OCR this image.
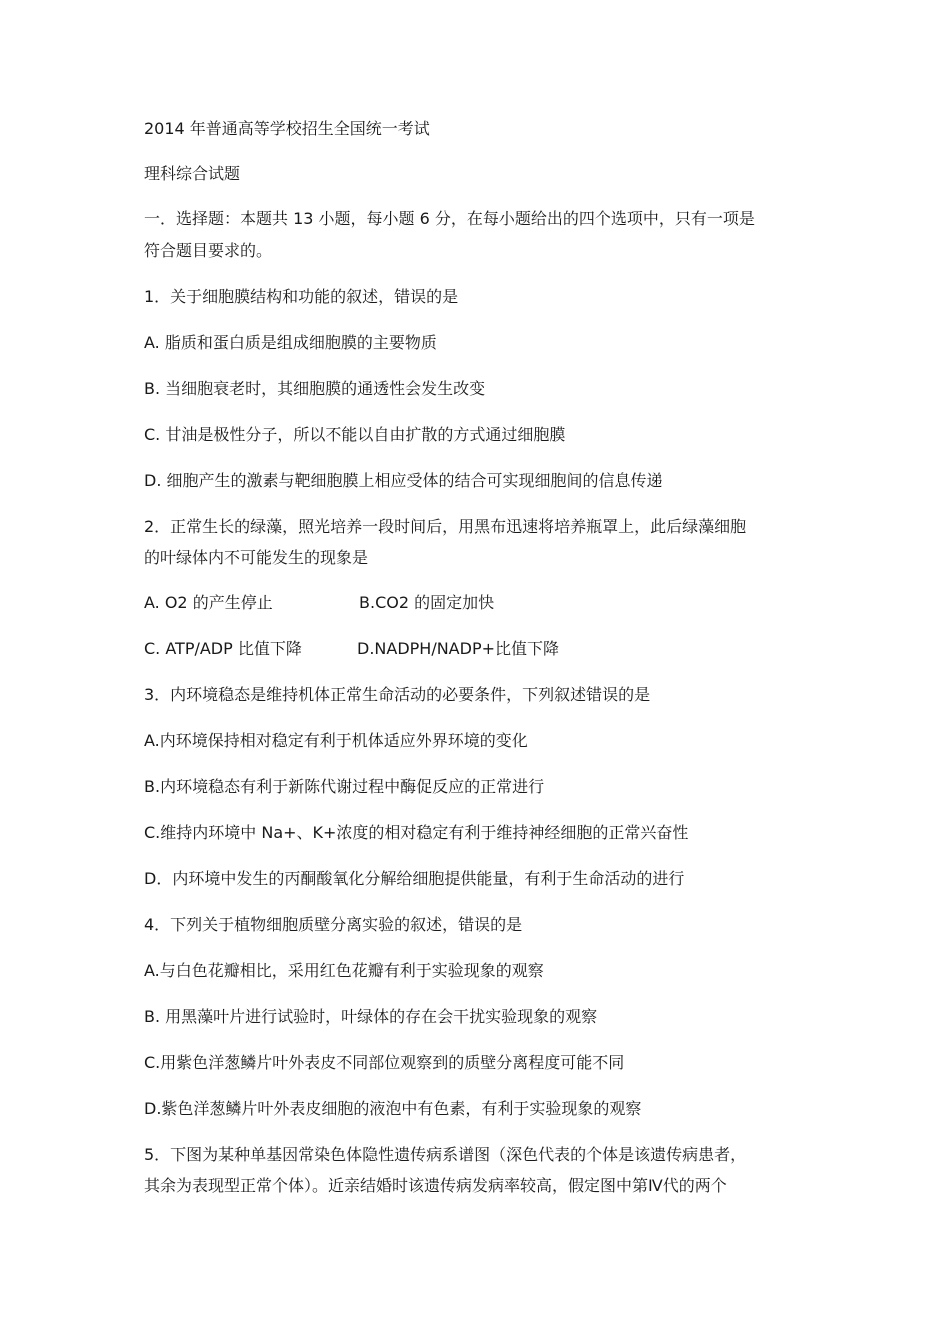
2014 年普通高等学校招生全国统一考试
理科综合试题
一．选择题：本题共 13 小题，每小题 6 分，在每小题给出的四个选项中，只有一项是
符合题目要求的。
1．关于细胞膜结构和功能的叙述，错误的是
A. 脂质和蛋白质是组成细胞膜的主要物质
B. 当细胞衰老时，其细胞膜的通透性会发生改变
C. 甘油是极性分子，所以不能以自由扩散的方式通过细胞膜
D. 细胞产生的激素与靶细胞膜上相应受体的结合可实现细胞间的信息传递
2．正常生长的绿藻，照光培养一段时间后，用黑布迅速将培养瓶罩上，此后绿藻细胞
的叶绿体内不可能发生的现象是
A. O2 的产生停止	B.CO2 的固定加快
C. ATP/ADP 比值下降	D.NADPH/NADP+比值下降
3．内环境稳态是维持机体正常生命活动的必要条件，下列叙述错误的是
A.内环境保持相对稳定有利于机体适应外界环境的变化
B.内环境稳态有利于新陈代谢过程中酶促反应的正常进行
C.维持内环境中 Na+、K+浓度的相对稳定有利于维持神经细胞的正常兴奋性
D．内环境中发生的丙酮酸氧化分解给细胞提供能量，有利于生命活动的进行
4．下列关于植物细胞质壁分离实验的叙述，错误的是
A.与白色花瓣相比，采用红色花瓣有利于实验现象的观察
B. 用黑藻叶片进行试验时，叶绿体的存在会干扰实验现象的观察
C.用紫色洋葱鳞片叶外表皮不同部位观察到的质壁分离程度可能不同
D.紫色洋葱鳞片叶外表皮细胞的液泡中有色素，有利于实验现象的观察
5．下图为某种单基因常染色体隐性遗传病系谱图（深色代表的个体是该遗传病患者，
其余为表现型正常个体）。近亲结婚时该遗传病发病率较高，假定图中第Ⅳ代的两个
